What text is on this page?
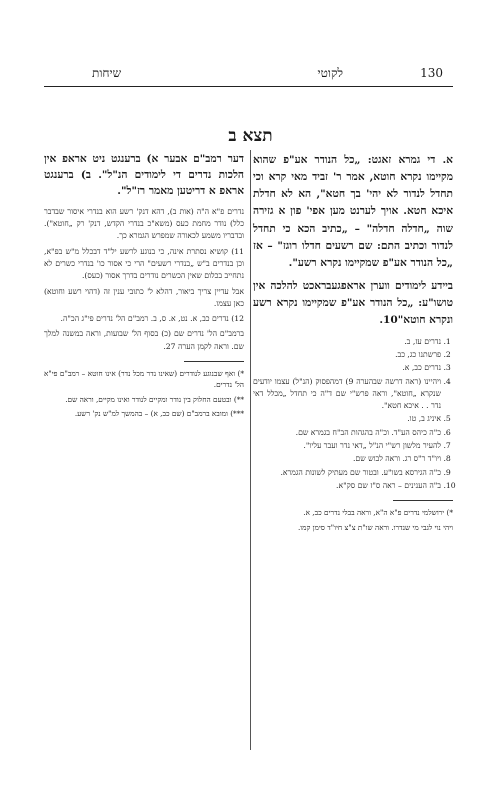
130
לקוטי
שיחות
תצא ב
א. די גמרא זאגט: „כל הנודר אע"פ שהוא מקיימו נקרא חוטא, אמר ר' זביד מאי קרא וכי תחדל לנדור לא יהי' בך חטא", הא לא חדלת איכא חטא. אויך לערנט מען אפי' פון א גזירה שוה „חדלה חדלה" – „כתיב הכא כי תחדל לנדור וכתיב התם: שם רשעים חדלו רוגז" – אז „כל הנודר אע"פ שמקיימו נקרא רשע".
ביידע לימודים ווערן אראפגעבראכט להלכה אין טושו"ע: „כל הנודר אע"פ שמקיימו נקרא רשע ונקרא חוטא"10.
1. נדרים עז, ב.
2. פרשתנו כג, כב.
3. נדרים כב, א.
4. ויהיינו (ראה דרשה שבהערה 9) דמהפסוק (הנ"ל) עצמו יודעים שנקרא „חוטא", וראה פרש"י שם ד"ה כי תחדל „מכלל דאי נדר . . איכא חטא".
5. איניג ב, טו.
6. כ"ה כיהס הע"ד. וכ"ה בהגהות הב"ח בגמרא שם.
7. להעיר מלשון רש"י הנ"ל „דאי נדר ועבר עליו".
8. ויו"ד ר"ס רג. וראה לבוש שם.
9. כ"ה הגירסא בשו"ע. ובטור שם מעתיק לשונות הגמרא.
10. ב"ה הענינים – ראה ס"ז שם סק"א.

*) ירושלמי נדרים פ"א ה"א, וראה בבלי נדרים כב, א.

ויהי נוי לגבי מי שנדרו. וראה שו"ת צ"צ חיו"ד סימן קמו.

דער רמב"ם אבער א) ברענגט ניט אראפ אין הלכות נדרים די לימודים הנ"ל". ב) ברענגט אראפ א דריטען מאמר רז"ל".

נדרים פ"א ה"ה (אות ב), דהא דנק' רשע הוא בנדרי איסור שבדבר כלל) נודר מחמת כעס (משא"כ בנדרי הקדש, דנק' רק „חוטא"). ובדבריו משמע לכאורה שמפרש הגמרא כך.

11) קושיא נסתרת אינה, כי בנוגע לרשע יל"ד דבכלל מ"ש בפ"א, וכן בנדרים ב"ש „בנדרי רשעים" הרי כי אסור כו' בנדרי כשרים לא נתחייב בכלום שאין הכשרים נודרים בדרך אסור (כעס).

אבל עדיין צריך ביאור, דהלא ל' כתובי ענין זה (דהוי רשע וחוטא) כאן עצמו.

12) נדרים כב, א. נט, א. ס, ב. רמב"ם הל' נדרים פי"ג הכ"ה.

ברמב"ם הל' נדרים שם (כ) בסוף הל' שבועות, וראה במשנה למלך שם. וראה לקמן הערה 27.

*) ואף שבנוגע לנודרים (שאינו נדר מכל נדר) אינו חוטא – רמב"ם פי"א הל' נדרים.

**) ובטעם החלוק בין נודר ומקיים לנודר ואינו מקיים, וראה שם.

***) ומובא ברמב"ם (שם כב, א) – בהמשך למ"ש נק' רשע.
